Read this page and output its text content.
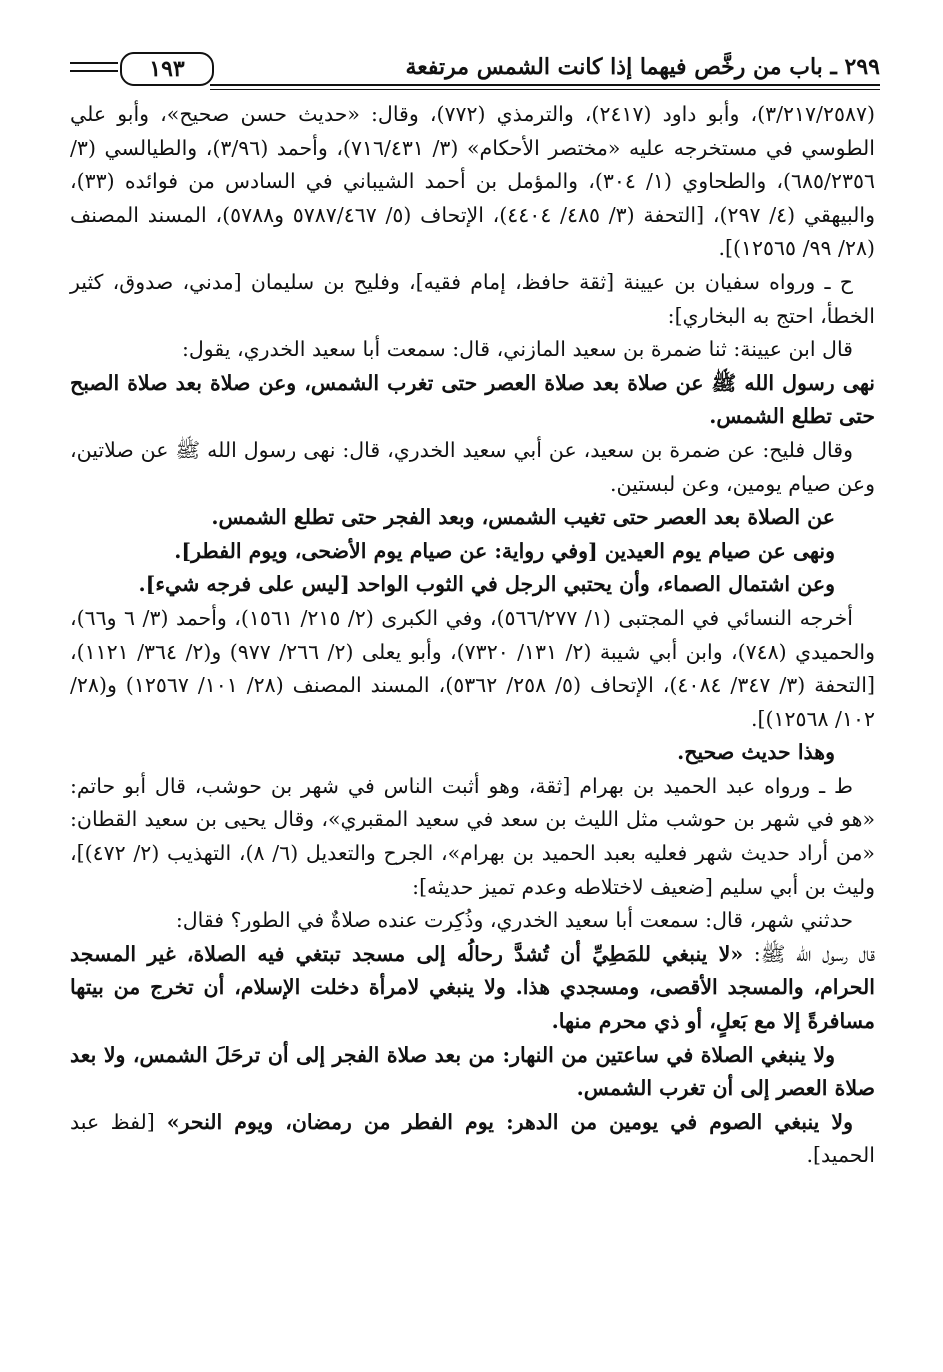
١٩٣	٢٩٩ ـ باب من رخَّص فيهما إذا كانت الشمس مرتفعة

(٣/٢١٧/٢٥٨٧)، وأبو داود (٢٤١٧)، والترمذي (٧٧٢)، وقال: «حديث حسن صحيح»، وأبو علي الطوسي في مستخرجه عليه «مختصر الأحكام» (٣/ ٧١٦/٤٣١)، وأحمد (٣/٩٦)، والطيالسي (٣/ ٦٨٥/٢٣٥٦)، والطحاوي (١/ ٣٠٤)، والمؤمل بن أحمد الشيباني في السادس من فوائده (٣٣)، والبيهقي (٤/ ٢٩٧)، [التحفة (٣/ ٤٨٥/ ٤٤٠٤)، الإتحاف (٥/ ٥٧٨٧/٤٦٧ و٥٧٨٨)، المسند المصنف (٢٨/ ٩٩/ ١٢٥٦٥)].

ح ـ ورواه سفيان بن عيينة [ثقة حافظ، إمام فقيه]، وفليح بن سليمان [مدني، صدوق، كثير الخطأ، احتج به البخاري]:

قال ابن عيينة: ثنا ضمرة بن سعيد المازني، قال: سمعت أبا سعيد الخدري، يقول:

نهى رسول الله ﷺ عن صلاة بعد صلاة العصر حتى تغرب الشمس، وعن صلاة بعد صلاة الصبح حتى تطلع الشمس.

وقال فليح: عن ضمرة بن سعيد، عن أبي سعيد الخدري، قال: نهى رسول الله ﷺ عن صلاتين، وعن صيام يومين، وعن لبستين.

عن الصلاة بعد العصر حتى تغيب الشمس، وبعد الفجر حتى تطلع الشمس.

ونهى عن صيام يوم العيدين [وفي رواية: عن صيام يوم الأضحى، ويوم الفطر].

وعن اشتمال الصماء، وأن يحتبي الرجل في الثوب الواحد [ليس على فرجه شيء].

أخرجه النسائي في المجتبى (١/ ٥٦٦/٢٧٧)، وفي الكبرى (٢/ ٢١٥/ ١٥٦١)، وأحمد (٣/ ٦ و٦٦)، والحميدي (٧٤٨)، وابن أبي شيبة (٢/ ١٣١/ ٧٣٢٠)، وأبو يعلى (٢/ ٢٦٦/ ٩٧٧) و(٢/ ٣٦٤/ ١١٢١)، [التحفة (٣/ ٣٤٧/ ٤٠٨٤)، الإتحاف (٥/ ٢٥٨/ ٥٣٦٢)، المسند المصنف (٢٨/ ١٠١/ ١٢٥٦٧) و(٢٨/ ١٠٢/ ١٢٥٦٨)].

وهذا حديث صحيح.

ط ـ ورواه عبد الحميد بن بهرام [ثقة، وهو أثبت الناس في شهر بن حوشب، قال أبو حاتم: «هو في شهر بن حوشب مثل الليث بن سعد في سعيد المقبري»، وقال يحيى بن سعيد القطان: «من أراد حديث شهر فعليه بعبد الحميد بن بهرام»، الجرح والتعديل (٦/ ٨)، التهذيب (٢/ ٤٧٢)]، وليث بن أبي سليم [ضعيف لاختلاطه وعدم تميز حديثه]:

حدثني شهر، قال: سمعت أبا سعيد الخدري، وذُكِرت عنده صلاةٌ في الطور؟ فقال:

قال رسول الله ﷺ: «لا ينبغي للمَطِيِّ أن تُشدَّ رحالُه إلى مسجد تبتغي فيه الصلاة، غير المسجد الحرام، والمسجد الأقصى، ومسجدي هذا. ولا ينبغي لامرأة دخلت الإسلام، أن تخرج من بيتها مسافرةً إلا مع بَعلٍ، أو ذي محرم منها.

ولا ينبغي الصلاة في ساعتين من النهار: من بعد صلاة الفجر إلى أن ترحَلَ الشمس، ولا بعد صلاة العصر إلى أن تغرب الشمس.

ولا ينبغي الصوم في يومين من الدهر: يوم الفطر من رمضان، ويوم النحر» [لفظ عبد الحميد].
